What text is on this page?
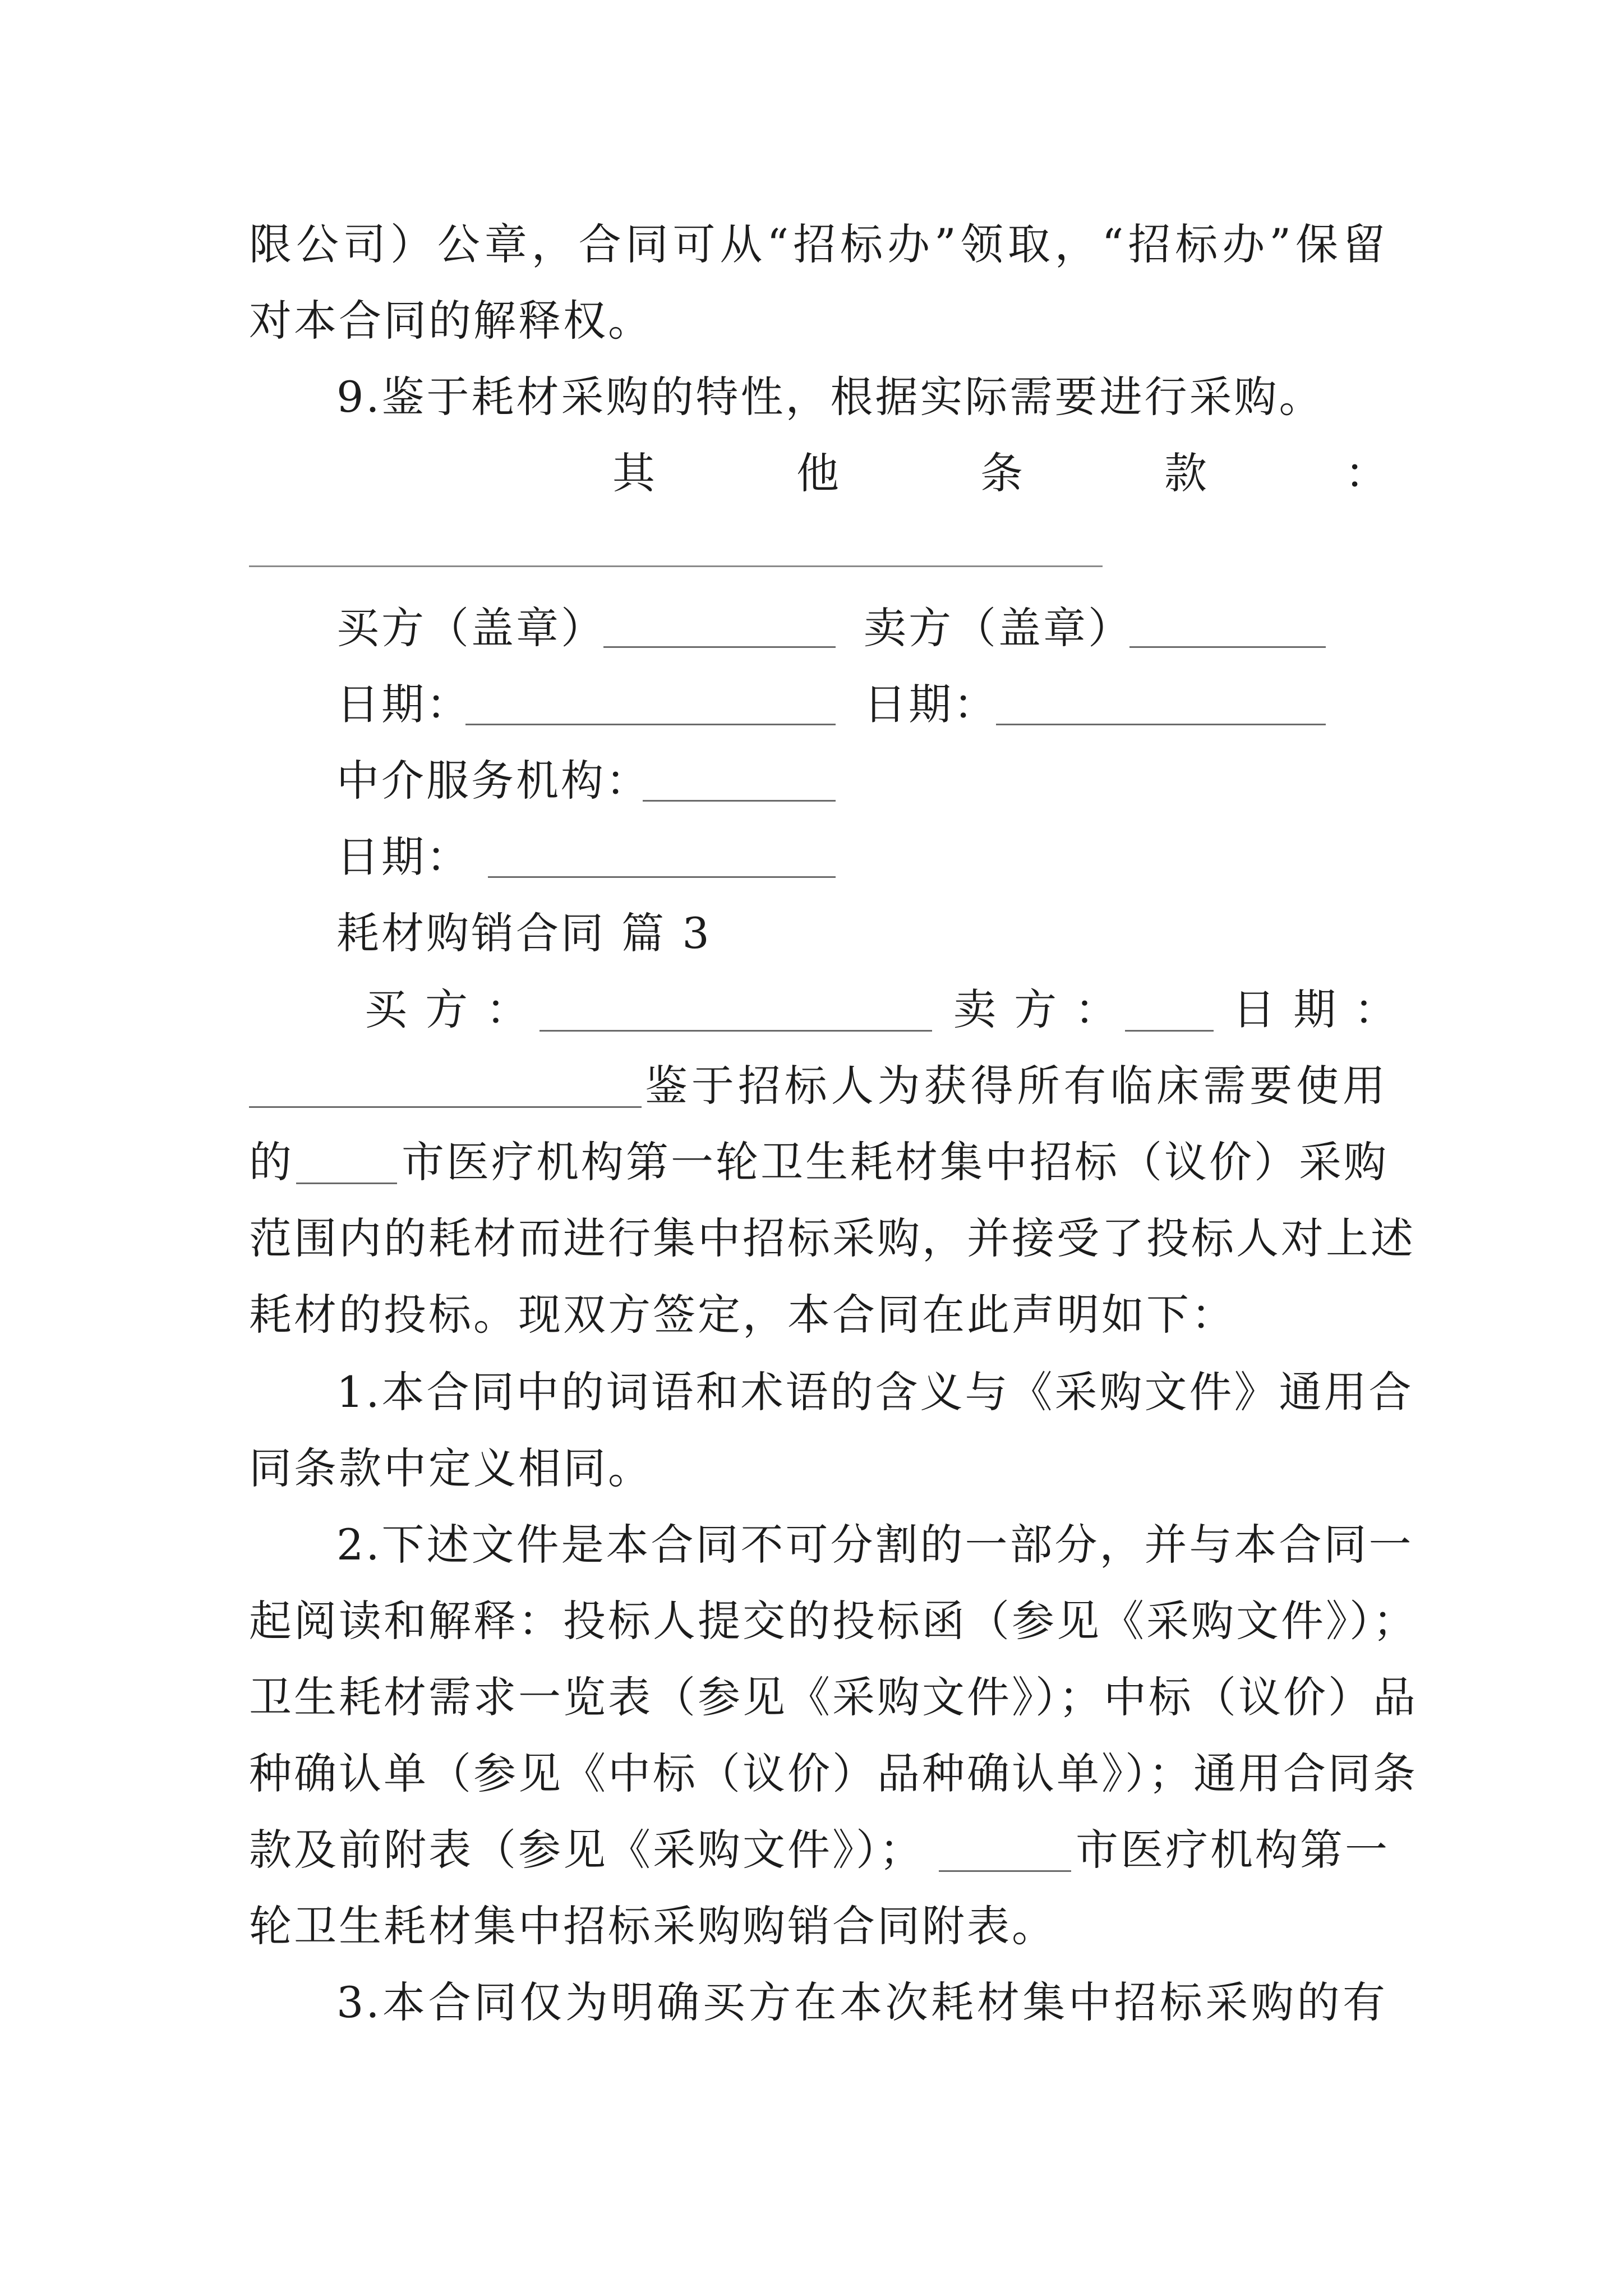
限公司）公章，合同可从“招标办”领取，“招标办”保留
对本合同的解释权。
9.鉴于耗材采购的特性，根据实际需要进行采购。
其	他	条	款	：
买方（盖章）	卖方（盖章）
日期：	日期：
中介服务机构：
日期：
耗材购销合同 篇 3
买 方 ：	卖 方 ：	日 期 ：
鉴于招标人为获得所有临床需要使用
的	市医疗机构第一轮卫生耗材集中招标（议价）采购
范围内的耗材而进行集中招标采购，并接受了投标人对上述
耗材的投标。现双方签定，本合同在此声明如下：
1.本合同中的词语和术语的含义与《采购文件》通用合
同条款中定义相同。
2.下述文件是本合同不可分割的一部分，并与本合同一
起阅读和解释：投标人提交的投标函（参见《采购文件》）；
卫生耗材需求一览表（参见《采购文件》）；中标（议价）品
种确认单（参见《中标（议价）品种确认单》）；通用合同条
款及前附表（参见《采购文件》）；	市医疗机构第一
轮卫生耗材集中招标采购购销合同附表。
3.本合同仅为明确买方在本次耗材集中招标采购的有
